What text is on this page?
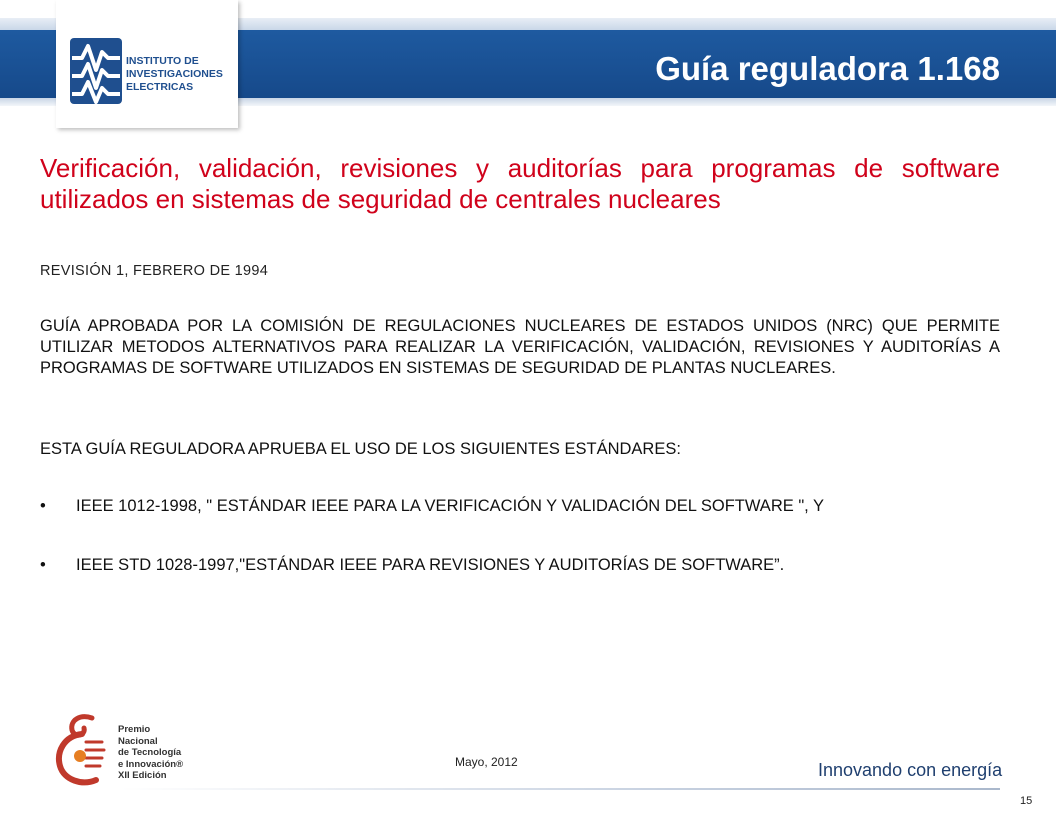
Guía reguladora 1.168
INSTITUTO DE
INVESTIGACIONES
ELECTRICAS
Verificación, validación, revisiones y auditorías para programas de software utilizados en sistemas de seguridad de centrales nucleares
REVISIÓN 1, FEBRERO DE 1994
GUÍA APROBADA POR LA COMISIÓN DE REGULACIONES NUCLEARES DE ESTADOS UNIDOS (NRC) QUE PERMITE UTILIZAR METODOS ALTERNATIVOS PARA REALIZAR LA VERIFICACIÓN, VALIDACIÓN, REVISIONES Y AUDITORÍAS A PROGRAMAS DE SOFTWARE UTILIZADOS EN SISTEMAS DE SEGURIDAD DE PLANTAS NUCLEARES.
ESTA GUÍA REGULADORA APRUEBA EL USO DE LOS SIGUIENTES ESTÁNDARES:
• IEEE 1012-1998, " ESTÁNDAR IEEE PARA LA VERIFICACIÓN Y VALIDACIÓN DEL SOFTWARE ", Y
• IEEE STD 1028-1997,"ESTÁNDAR IEEE PARA REVISIONES Y AUDITORÍAS DE SOFTWARE”.
Premio
Nacional
de Tecnología
e Innovación®
XII Edición
Mayo, 2012	Innovando con energía
15
